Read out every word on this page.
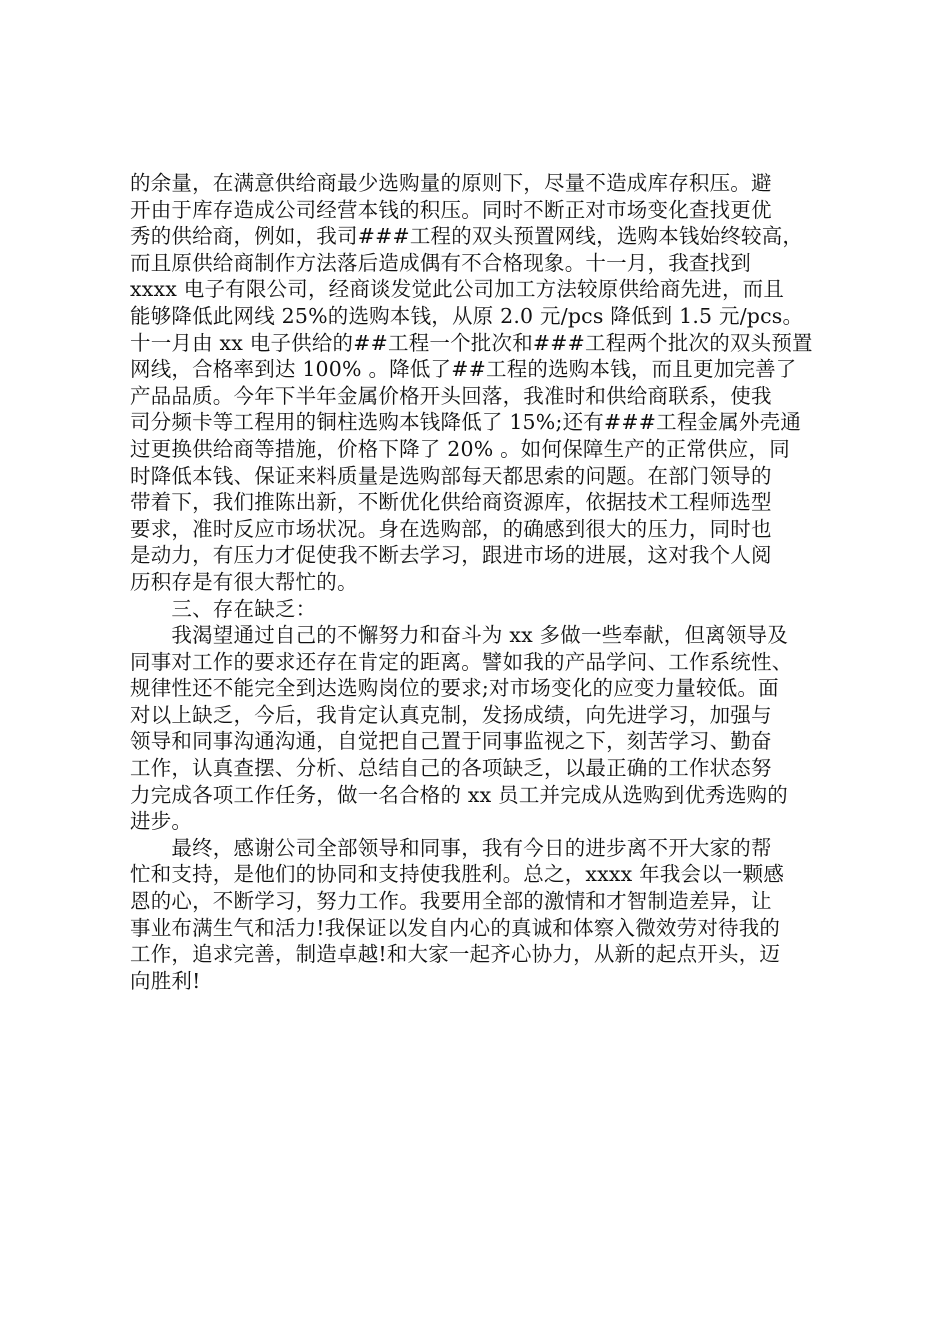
的余量，在满意供给商最少选购量的原则下，尽量不造成库存积压。避
开由于库存造成公司经营本钱的积压。同时不断正对市场变化查找更优
秀的供给商，例如，我司###工程的双头预置网线，选购本钱始终较高，
而且原供给商制作方法落后造成偶有不合格现象。十一月，我查找到
xxxx 电子有限公司，经商谈发觉此公司加工方法较原供给商先进，而且
能够降低此网线 25%的选购本钱，从原 2.0 元/pcs 降低到 1.5 元/pcs。
十一月由 xx 电子供给的##工程一个批次和###工程两个批次的双头预置
网线，合格率到达 100% 。降低了##工程的选购本钱，而且更加完善了
产品品质。今年下半年金属价格开头回落，我准时和供给商联系，使我
司分频卡等工程用的铜柱选购本钱降低了 15%;还有###工程金属外壳通
过更换供给商等措施，价格下降了 20% 。如何保障生产的正常供应，同
时降低本钱、保证来料质量是选购部每天都思索的问题。在部门领导的
带着下，我们推陈出新，不断优化供给商资源库，依据技术工程师选型
要求，准时反应市场状况。身在选购部，的确感到很大的压力，同时也
是动力，有压力才促使我不断去学习，跟进市场的进展，这对我个人阅
历积存是有很大帮忙的。
　　三、存在缺乏：
　　我渴望通过自己的不懈努力和奋斗为 xx 多做一些奉献，但离领导及
同事对工作的要求还存在肯定的距离。譬如我的产品学问、工作系统性、
规律性还不能完全到达选购岗位的要求;对市场变化的应变力量较低。面
对以上缺乏，今后，我肯定认真克制，发扬成绩，向先进学习，加强与
领导和同事沟通沟通，自觉把自己置于同事监视之下，刻苦学习、勤奋
工作，认真查摆、分析、总结自己的各项缺乏，以最正确的工作状态努
力完成各项工作任务，做一名合格的 xx 员工并完成从选购到优秀选购的
进步。
　　最终，感谢公司全部领导和同事，我有今日的进步离不开大家的帮
忙和支持，是他们的协同和支持使我胜利。总之，xxxx 年我会以一颗感
恩的心，不断学习，努力工作。我要用全部的激情和才智制造差异，让
事业布满生气和活力!我保证以发自内心的真诚和体察入微效劳对待我的
工作，追求完善，制造卓越!和大家一起齐心协力，从新的起点开头，迈
向胜利!
